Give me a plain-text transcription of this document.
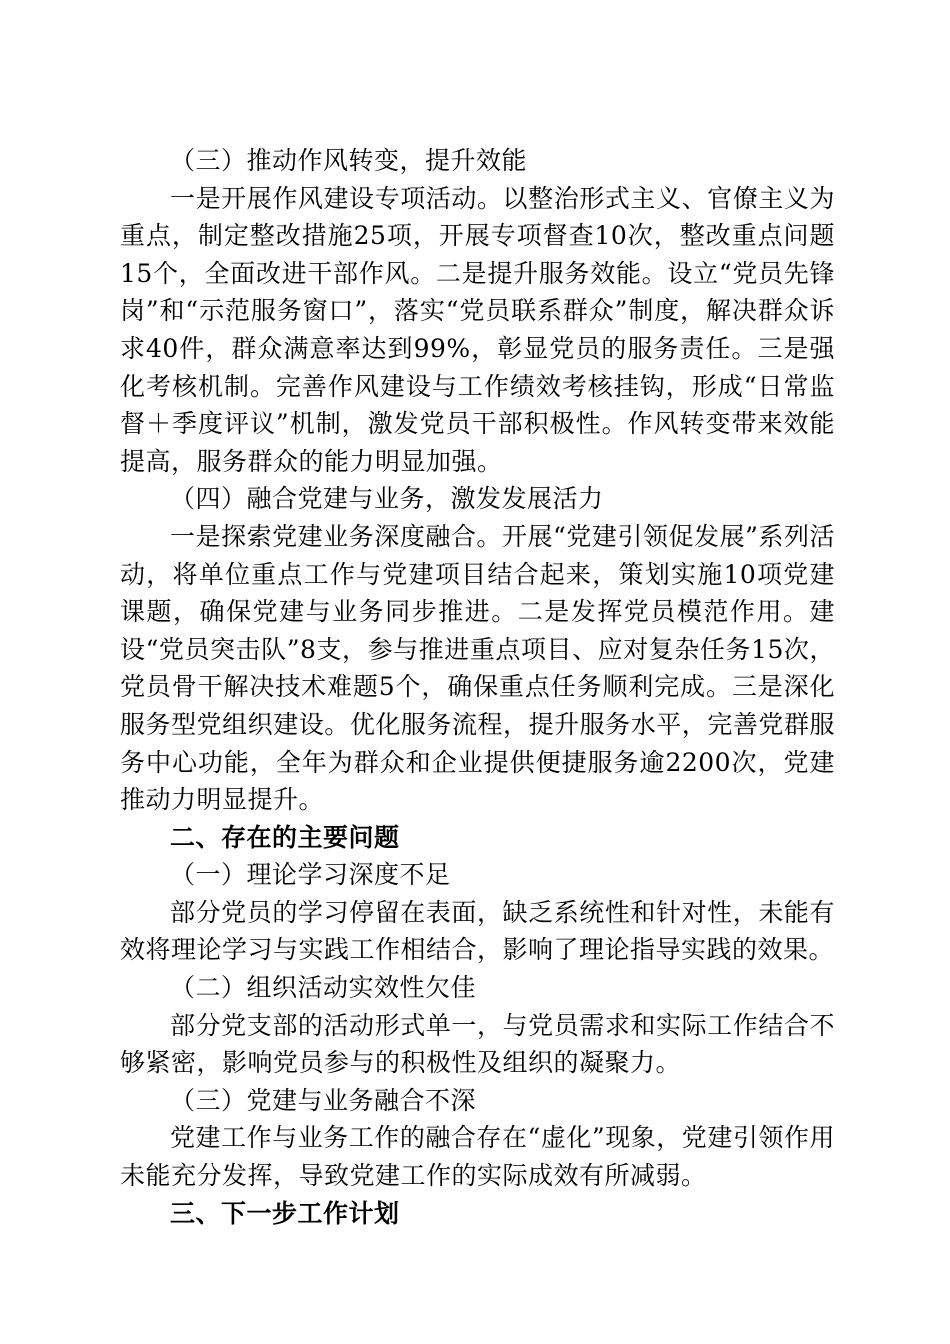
（三）推动作风转变，提升效能

一是开展作风建设专项活动。以整治形式主义、官僚主义为重点，制定整改措施25项，开展专项督查10次，整改重点问题15个，全面改进干部作风。二是提升服务效能。设立“党员先锋岗”和“示范服务窗口”，落实“党员联系群众”制度，解决群众诉求40件，群众满意率达到99%，彰显党员的服务责任。三是强化考核机制。完善作风建设与工作绩效考核挂钩，形成“日常监督＋季度评议”机制，激发党员干部积极性。作风转变带来效能提高，服务群众的能力明显加强。

（四）融合党建与业务，激发发展活力

一是探索党建业务深度融合。开展“党建引领促发展”系列活动，将单位重点工作与党建项目结合起来，策划实施10项党建课题，确保党建与业务同步推进。二是发挥党员模范作用。建设“党员突击队”8支，参与推进重点项目、应对复杂任务15次，党员骨干解决技术难题5个，确保重点任务顺利完成。三是深化服务型党组织建设。优化服务流程，提升服务水平，完善党群服务中心功能，全年为群众和企业提供便捷服务逾2200次，党建推动力明显提升。

二、存在的主要问题

（一）理论学习深度不足

部分党员的学习停留在表面，缺乏系统性和针对性，未能有效将理论学习与实践工作相结合，影响了理论指导实践的效果。

（二）组织活动实效性欠佳

部分党支部的活动形式单一，与党员需求和实际工作结合不够紧密，影响党员参与的积极性及组织的凝聚力。

（三）党建与业务融合不深

党建工作与业务工作的融合存在“虚化”现象，党建引领作用未能充分发挥，导致党建工作的实际成效有所减弱。

三、下一步工作计划
